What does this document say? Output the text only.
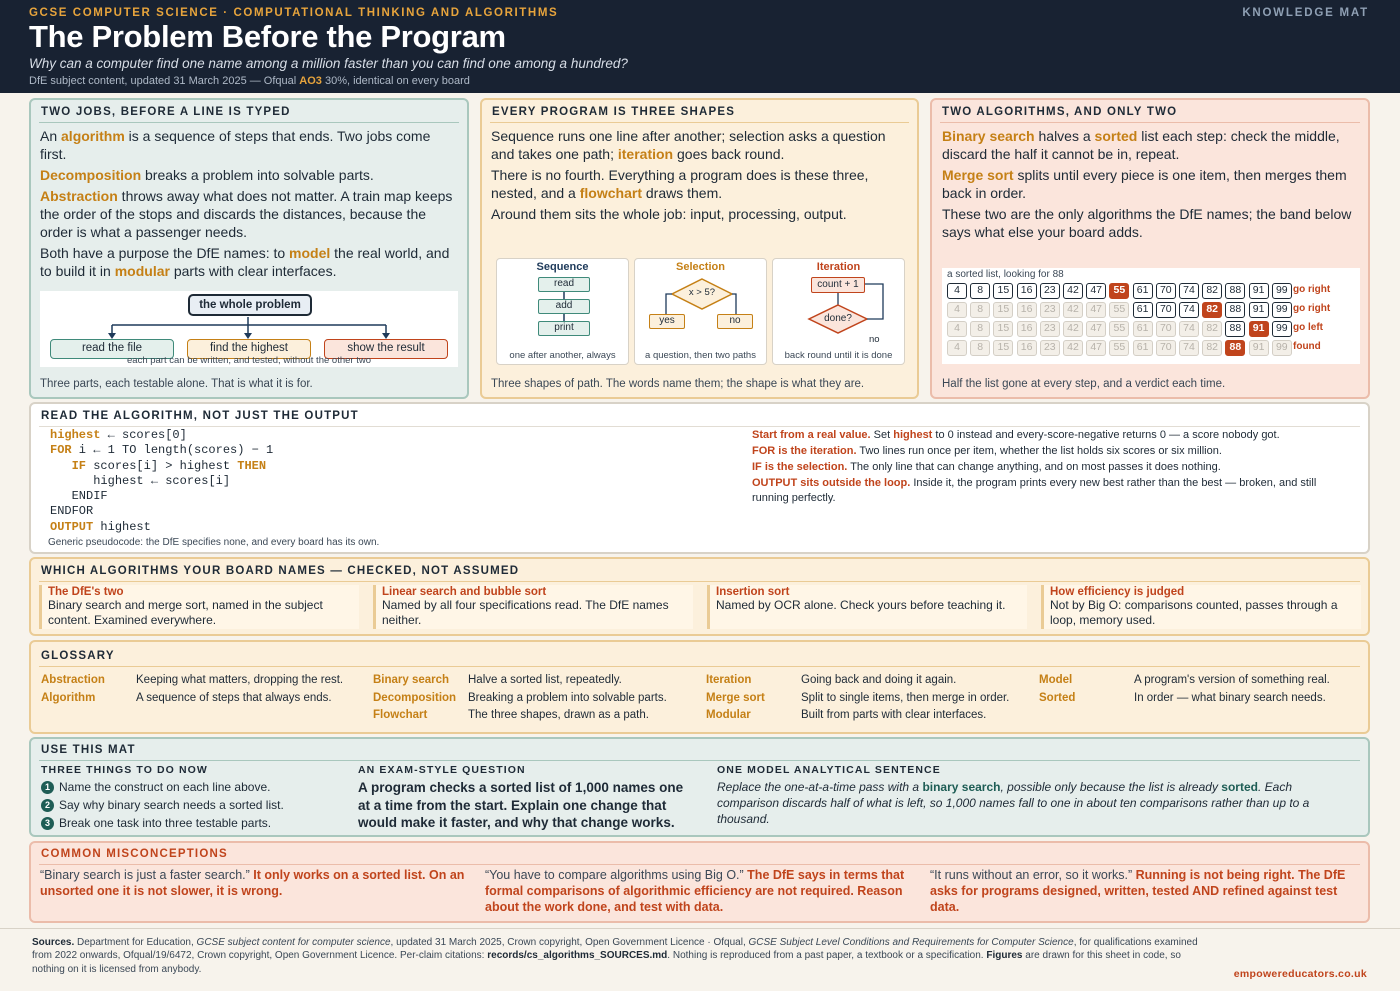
GCSE COMPUTER SCIENCE · COMPUTATIONAL THINKING AND ALGORITHMS	KNOWLEDGE MAT
The Problem Before the Program
Why can a computer find one name among a million faster than you can find one among a hundred?
DfE subject content, updated 31 March 2025 — Ofqual AO3 30%, identical on every board
TWO JOBS, BEFORE A LINE IS TYPED

An algorithm is a sequence of steps that ends. Two jobs come first.

Decomposition breaks a problem into solvable parts.

Abstraction throws away what does not matter. A train map keeps the order of the stops and discards the distances, because the order is what a passenger needs.

Both have a purpose the DfE names: to model the real world, and to build it in modular parts with clear interfaces.

the whole problem
read the file	find the highest	show the result
each part can be written, and tested, without the other two
Three parts, each testable alone. That is what it is for.
EVERY PROGRAM IS THREE SHAPES

Sequence runs one line after another; selection asks a question and takes one path; iteration goes back round.

There is no fourth. Everything a program does is these three, nested, and a flowchart draws them.

Around them sits the whole job: input, processing, output.

Sequence
read
add
print
one after another, always
Selection
x > 5?
yes	no
a question, then two paths
Iteration
count + 1
done?
no
back round until it is done
Three shapes of path. The words name them; the shape is what they are.
TWO ALGORITHMS, AND ONLY TWO

Binary search halves a sorted list each step: check the middle, discard the half it cannot be in, repeat.

Merge sort splits until every piece is one item, then merges them back in order.

These two are the only algorithms the DfE names; the band below says what else your board adds.

a sorted list, looking for 88
4	8	15	16	23	42	47	55	61	70	74	82	88	91	99 go right
4	8	15	16	23	42	47	55	61	70	74	82	88	91	99 go right
4	8	15	16	23	42	47	55	61	70	74	82	88	91	99 go left
4	8	15	16	23	42	47	55	61	70	74	82	88	91	99 found
Half the list gone at every step, and a verdict each time.
READ THE ALGORITHM, NOT JUST THE OUTPUT
highest ← scores[0]
FOR i ← 1 TO length(scores) − 1
IF scores[i] > highest THEN
highest ← scores[i]
ENDIF
ENDFOR
OUTPUT highest
Generic pseudocode: the DfE specifies none, and every board has its own.

Start from a real value. Set highest to 0 instead and every-score-negative returns 0 — a score nobody got.

FOR is the iteration. Two lines run once per item, whether the list holds six scores or six million.

IF is the selection. The only line that can change anything, and on most passes it does nothing.

OUTPUT sits outside the loop. Inside it, the program prints every new best rather than the best — broken, and still running perfectly.

WHICH ALGORITHMS YOUR BOARD NAMES — CHECKED, NOT ASSUMED
The DfE's two
Binary search and merge sort, named in the subject content. Examined everywhere.
Linear search and bubble sort
Named by all four specifications read. The DfE names neither.
Insertion sort
Named by OCR alone. Check yours before teaching it.
How efficiency is judged
Not by Big O: comparisons counted, passes through a loop, memory used.
GLOSSARY
Abstraction	Keeping what matters, dropping the rest.
Algorithm	A sequence of steps that always ends.
Binary search Halve a sorted list, repeatedly.
Decomposition Breaking a problem into solvable parts.
Flowchart	The three shapes, drawn as a path.
Iteration	Going back and doing it again.
Merge sort	Split to single items, then merge in order.
Modular	Built from parts with clear interfaces.
Model	A program's version of something real.
Sorted	In order — what binary search needs.
USE THIS MAT
THREE THINGS TO DO NOW
1 Name the construct on each line above.
2 Say why binary search needs a sorted list.
3 Break one task into three testable parts.
AN EXAM-STYLE QUESTION
A program checks a sorted list of 1,000 names one at a time from the start. Explain one change that would make it faster, and why that change works.
ONE MODEL ANALYTICAL SENTENCE
Replace the one-at-a-time pass with a binary search, possible only because the list is already sorted. Each comparison discards half of what is left, so 1,000 names fall to one in about ten comparisons rather than up to a thousand.
COMMON MISCONCEPTIONS
“Binary search is just a faster search.” It only works on a sorted list. On an unsorted one it is not slower, it is wrong.
“You have to compare algorithms using Big O.” The DfE says in terms that formal comparisons of algorithmic efficiency are not required. Reason about the work done, and test with data.
“It runs without an error, so it works.” Running is not being right. The DfE asks for programs designed, written, tested AND refined against test data.
Sources. Department for Education, GCSE subject content for computer science, updated 31 March 2025, Crown copyright, Open Government Licence · Ofqual, GCSE Subject Level Conditions and Requirements for Computer Science, for qualifications examined from 2022 onwards, Ofqual/19/6472, Crown copyright, Open Government Licence. Per-claim citations: records/cs_algorithms_SOURCES.md. Nothing is reproduced from a past paper, a textbook or a specification. Figures are drawn for this sheet in code, so nothing on it is licensed from anybody.	empowereducators.co.uk
